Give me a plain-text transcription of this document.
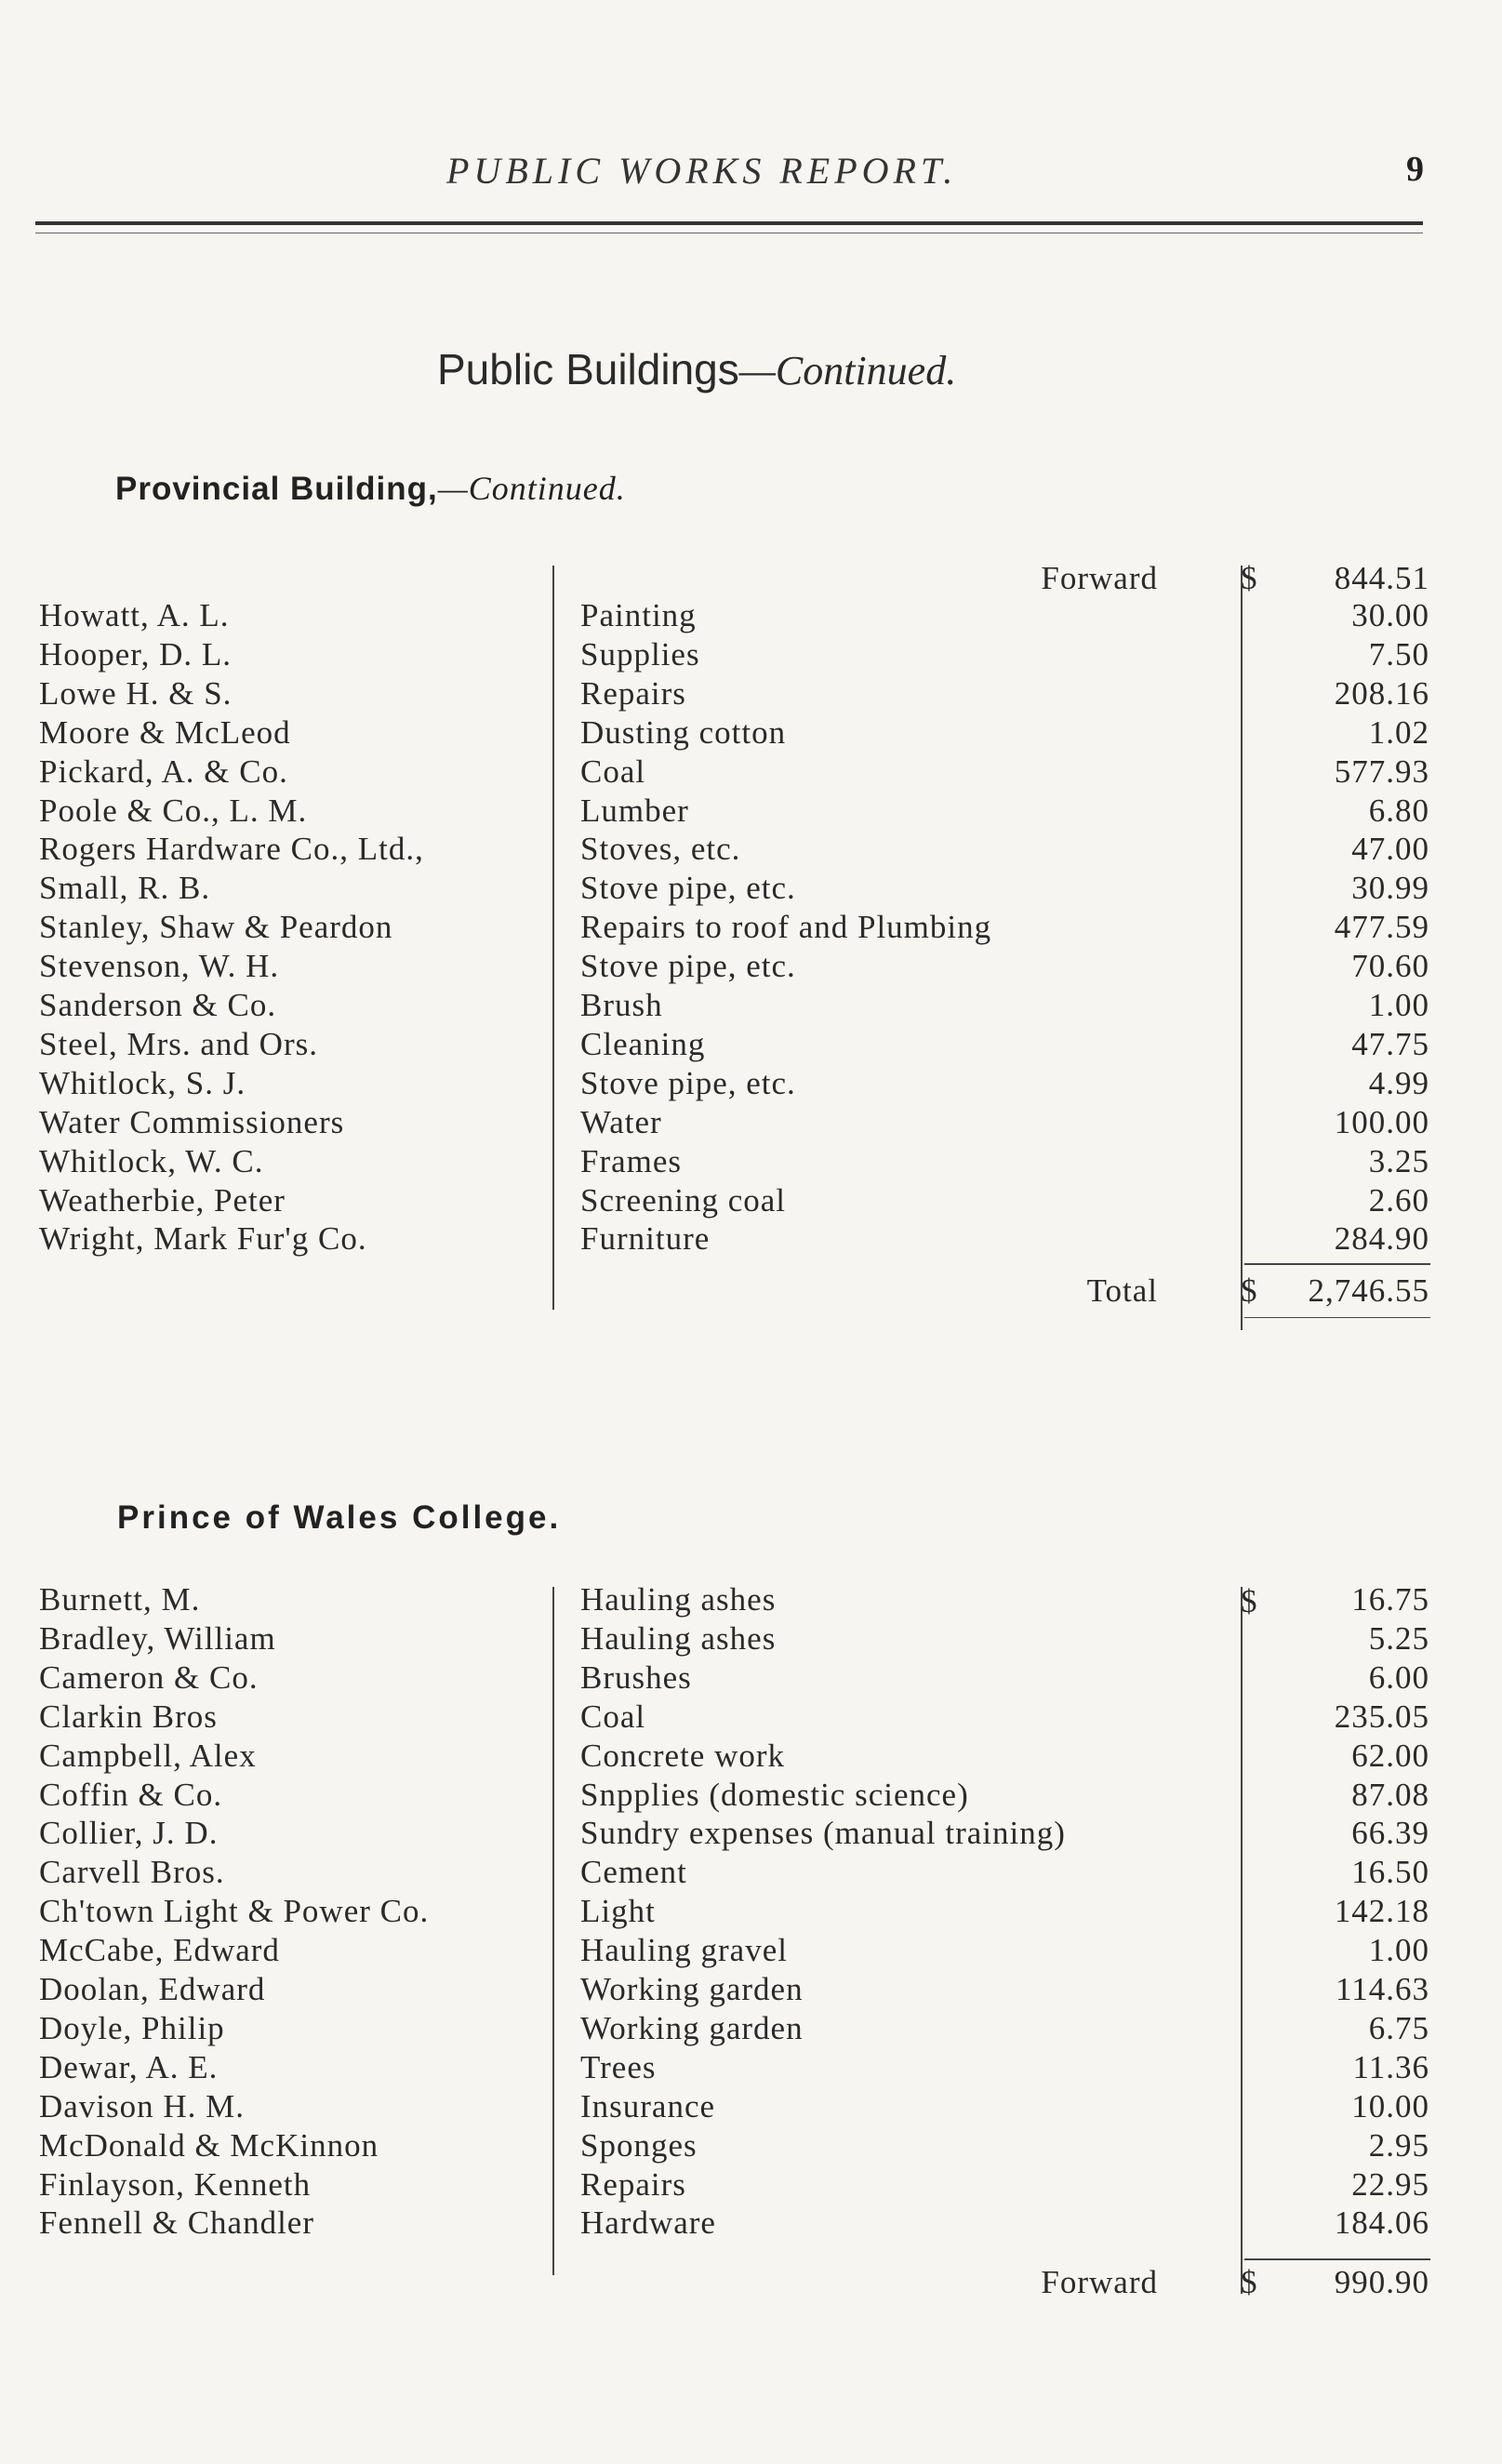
PUBLIC WORKS REPORT.	9
Public Buildings—Continued.
Provincial Building,—Continued.
Forward	$ 844.51
Howatt, A. L.	Painting	30.00
Hooper, D. L.	Supplies	7.50
Lowe H. & S.	Repairs	208.16
Moore & McLeod	Dusting cotton	1.02
Pickard, A. & Co.	Coal	577.93
Poole & Co., L. M.	Lumber	6.80
Rogers Hardware Co., Ltd.,	Stoves, etc.	47.00
Small, R. B.	Stove pipe, etc.	30.99
Stanley, Shaw & Peardon	Repairs to roof and Plumbing	477.59
Stevenson, W. H.	Stove pipe, etc.	70.60
Sanderson & Co.	Brush	1.00
Steel, Mrs. and Ors.	Cleaning	47.75
Whitlock, S. J.	Stove pipe, etc.	4.99
Water Commissioners	Water	100.00
Whitlock, W. C.	Frames	3.25
Weatherbie, Peter	Screening coal	2.60
Wright, Mark Fur'g Co.	Furniture	284.90
Total	$ 2,746.55
Prince of Wales College.
$
Burnett, M.	Hauling ashes	16.75
Bradley, William	Hauling ashes	5.25
Cameron & Co.	Brushes	6.00
Clarkin Bros	Coal	235.05
Campbell, Alex	Concrete work	62.00
Coffin & Co.	Snpplies (domestic science)	87.08
Collier, J. D.	Sundry expenses (manual training)	66.39
Carvell Bros.	Cement	16.50
Ch'town Light & Power Co.	Light	142.18
McCabe, Edward	Hauling gravel	1.00
Doolan, Edward	Working garden	114.63
Doyle, Philip	Working garden	6.75
Dewar, A. E.	Trees	11.36
Davison H. M.	Insurance	10.00
McDonald & McKinnon	Sponges	2.95
Finlayson, Kenneth	Repairs	22.95
Fennell & Chandler	Hardware	184.06
Forward	$ 990.90
